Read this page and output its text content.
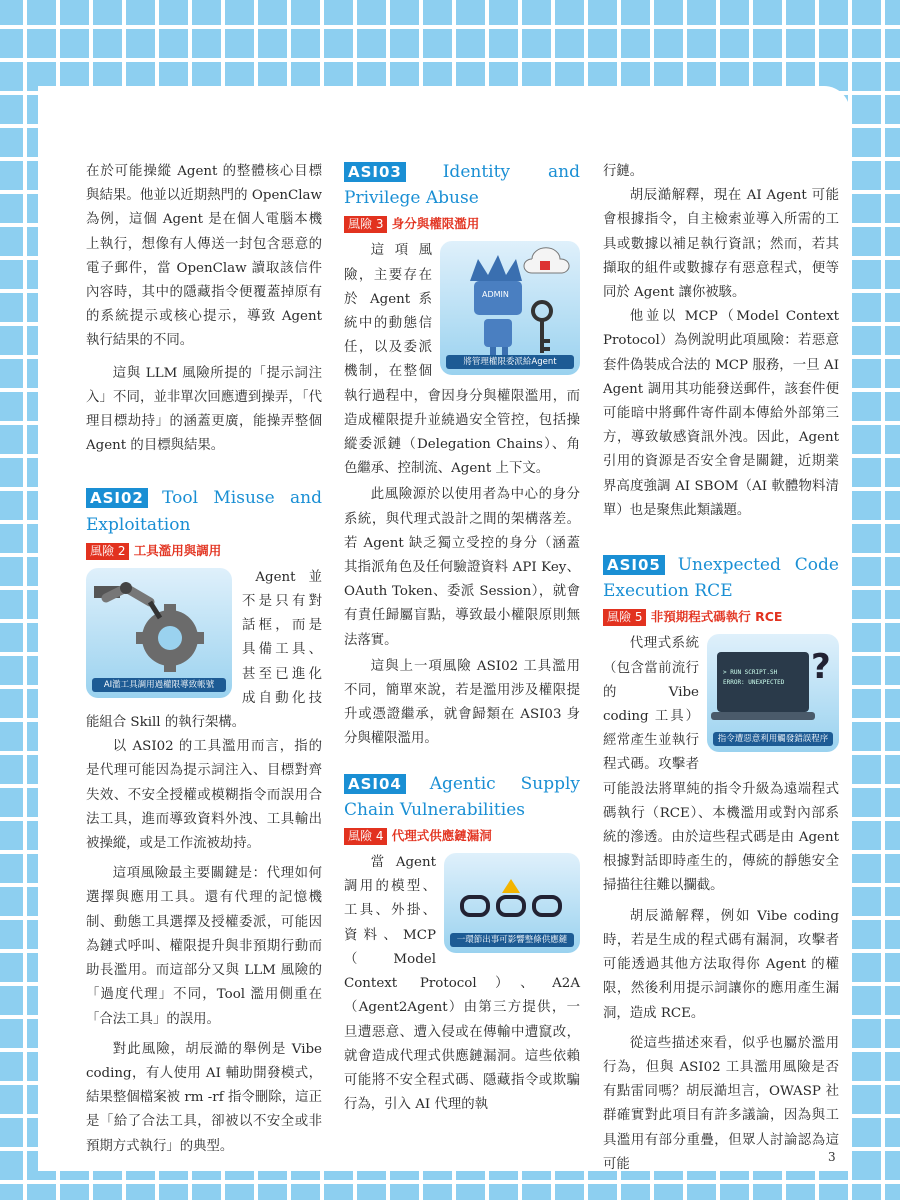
在於可能操縱 Agent 的整體核心目標與結果。他並以近期熱門的 OpenClaw 為例，這個 Agent 是在個人電腦本機上執行，想像有人傳送一封包含惡意的電子郵件，當 OpenClaw 讀取該信件內容時，其中的隱藏指令便覆蓋掉原有的系統提示或核心提示，導致 Agent 執行結果的不同。

這與 LLM 風險所提的「提示詞注入」不同，並非單次回應遭到操弄，「代理目標劫持」的涵蓋更廣，能操弄整個 Agent 的目標與結果。

ASI02 Tool Misuse and Exploitation
風險 2 工具濫用與調用
AI濫工具調用過權限導致帳號

Agent 並不是只有對話框，而是具備工具、甚至已進化成自動化技能組合 Skill 的執行架構。

以 ASI02 的工具濫用而言，指的是代理可能因為提示詞注入、目標對齊失效、不安全授權或模糊指令而誤用合法工具，進而導致資料外洩、工具輸出被操縱，或是工作流被劫持。

這項風險最主要關鍵是：代理如何選擇與應用工具。還有代理的記憶機制、動態工具選擇及授權委派，可能因為鏈式呼叫、權限提升與非預期行動而助長濫用。而這部分又與 LLM 風險的「過度代理」不同，Tool 濫用側重在「合法工具」的誤用。

對此風險，胡辰澔的舉例是 Vibe coding，有人使用 AI 輔助開發模式，結果整個檔案被 rm -rf 指令刪除，這正是「給了合法工具，卻被以不安全或非預期方式執行」的典型。

ASI03 Identity and Privilege Abuse
風險 3 身分與權限濫用
ADMIN
將管理權限委派給Agent

這項風險，主要存在於 Agent 系統中的動態信任，以及委派機制，在整個執行過程中，會因身分與權限濫用，而造成權限提升並繞過安全管控，包括操縱委派鏈（Delegation Chains）、角色繼承、控制流、Agent 上下文。

此風險源於以使用者為中心的身分系統，與代理式設計之間的架構落差。若 Agent 缺乏獨立受控的身分（涵蓋其指派角色及任何驗證資料 API Key、OAuth Token、委派 Session），就會有責任歸屬盲點，導致最小權限原則無法落實。

這與上一項風險 ASI02 工具濫用不同，簡單來說，若是濫用涉及權限提升或憑證繼承，就會歸類在 ASI03 身分與權限濫用。

ASI04 Agentic Supply Chain Vulnerabilities
風險 4 代理式供應鏈漏洞
一環節出事可影響整條供應鏈

當 Agent 調用的模型、工具、外掛、資料、MCP（Model Context Protocol）、A2A（Agent2Agent）由第三方提供，一旦遭惡意、遭入侵或在傳輸中遭竄改，就會造成代理式供應鏈漏洞。這些依賴可能將不安全程式碼、隱藏指令或欺騙行為，引入 AI 代理的執

行鏈。

胡辰澔解釋，現在 AI Agent 可能會根據指令，自主檢索並導入所需的工具或數據以補足執行資訊；然而，若其擷取的組件或數據存有惡意程式，便等同於 Agent 讓你被駭。

他並以 MCP（Model Context Protocol）為例說明此項風險：若惡意套件偽裝成合法的 MCP 服務，一旦 AI Agent 調用其功能發送郵件，該套件便可能暗中將郵件寄件副本傳給外部第三方，導致敏感資訊外洩。因此，Agent 引用的資源是否安全會是關鍵，近期業界高度強調 AI SBOM（AI 軟體物料清單）也是聚焦此類議題。

ASI05 Unexpected Code Execution RCE
風險 5 非預期程式碼執行 RCE
> RUN SCRIPT.SH
ERROR: UNEXPECTED ?
指令遭惡意利用觸發錯誤程序

代理式系統（包含當前流行的 Vibe coding 工具）經常產生並執行程式碼。攻擊者可能設法將單純的指令升級為遠端程式碼執行（RCE）、本機濫用或對內部系統的滲透。由於這些程式碼是由 Agent 根據對話即時產生的，傳統的靜態安全掃描往往難以攔截。

胡辰澔解釋，例如 Vibe coding 時，若是生成的程式碼有漏洞，攻擊者可能透過其他方法取得你 Agent 的權限，然後利用提示詞讓你的應用產生漏洞，造成 RCE。

從這些描述來看，似乎也屬於濫用行為，但與 ASI02 工具濫用風險是否有點雷同嗎？胡辰澔坦言，OWASP 社群確實對此項目有許多議論，因為與工具濫用有部分重疊，但眾人討論認為這可能	3
